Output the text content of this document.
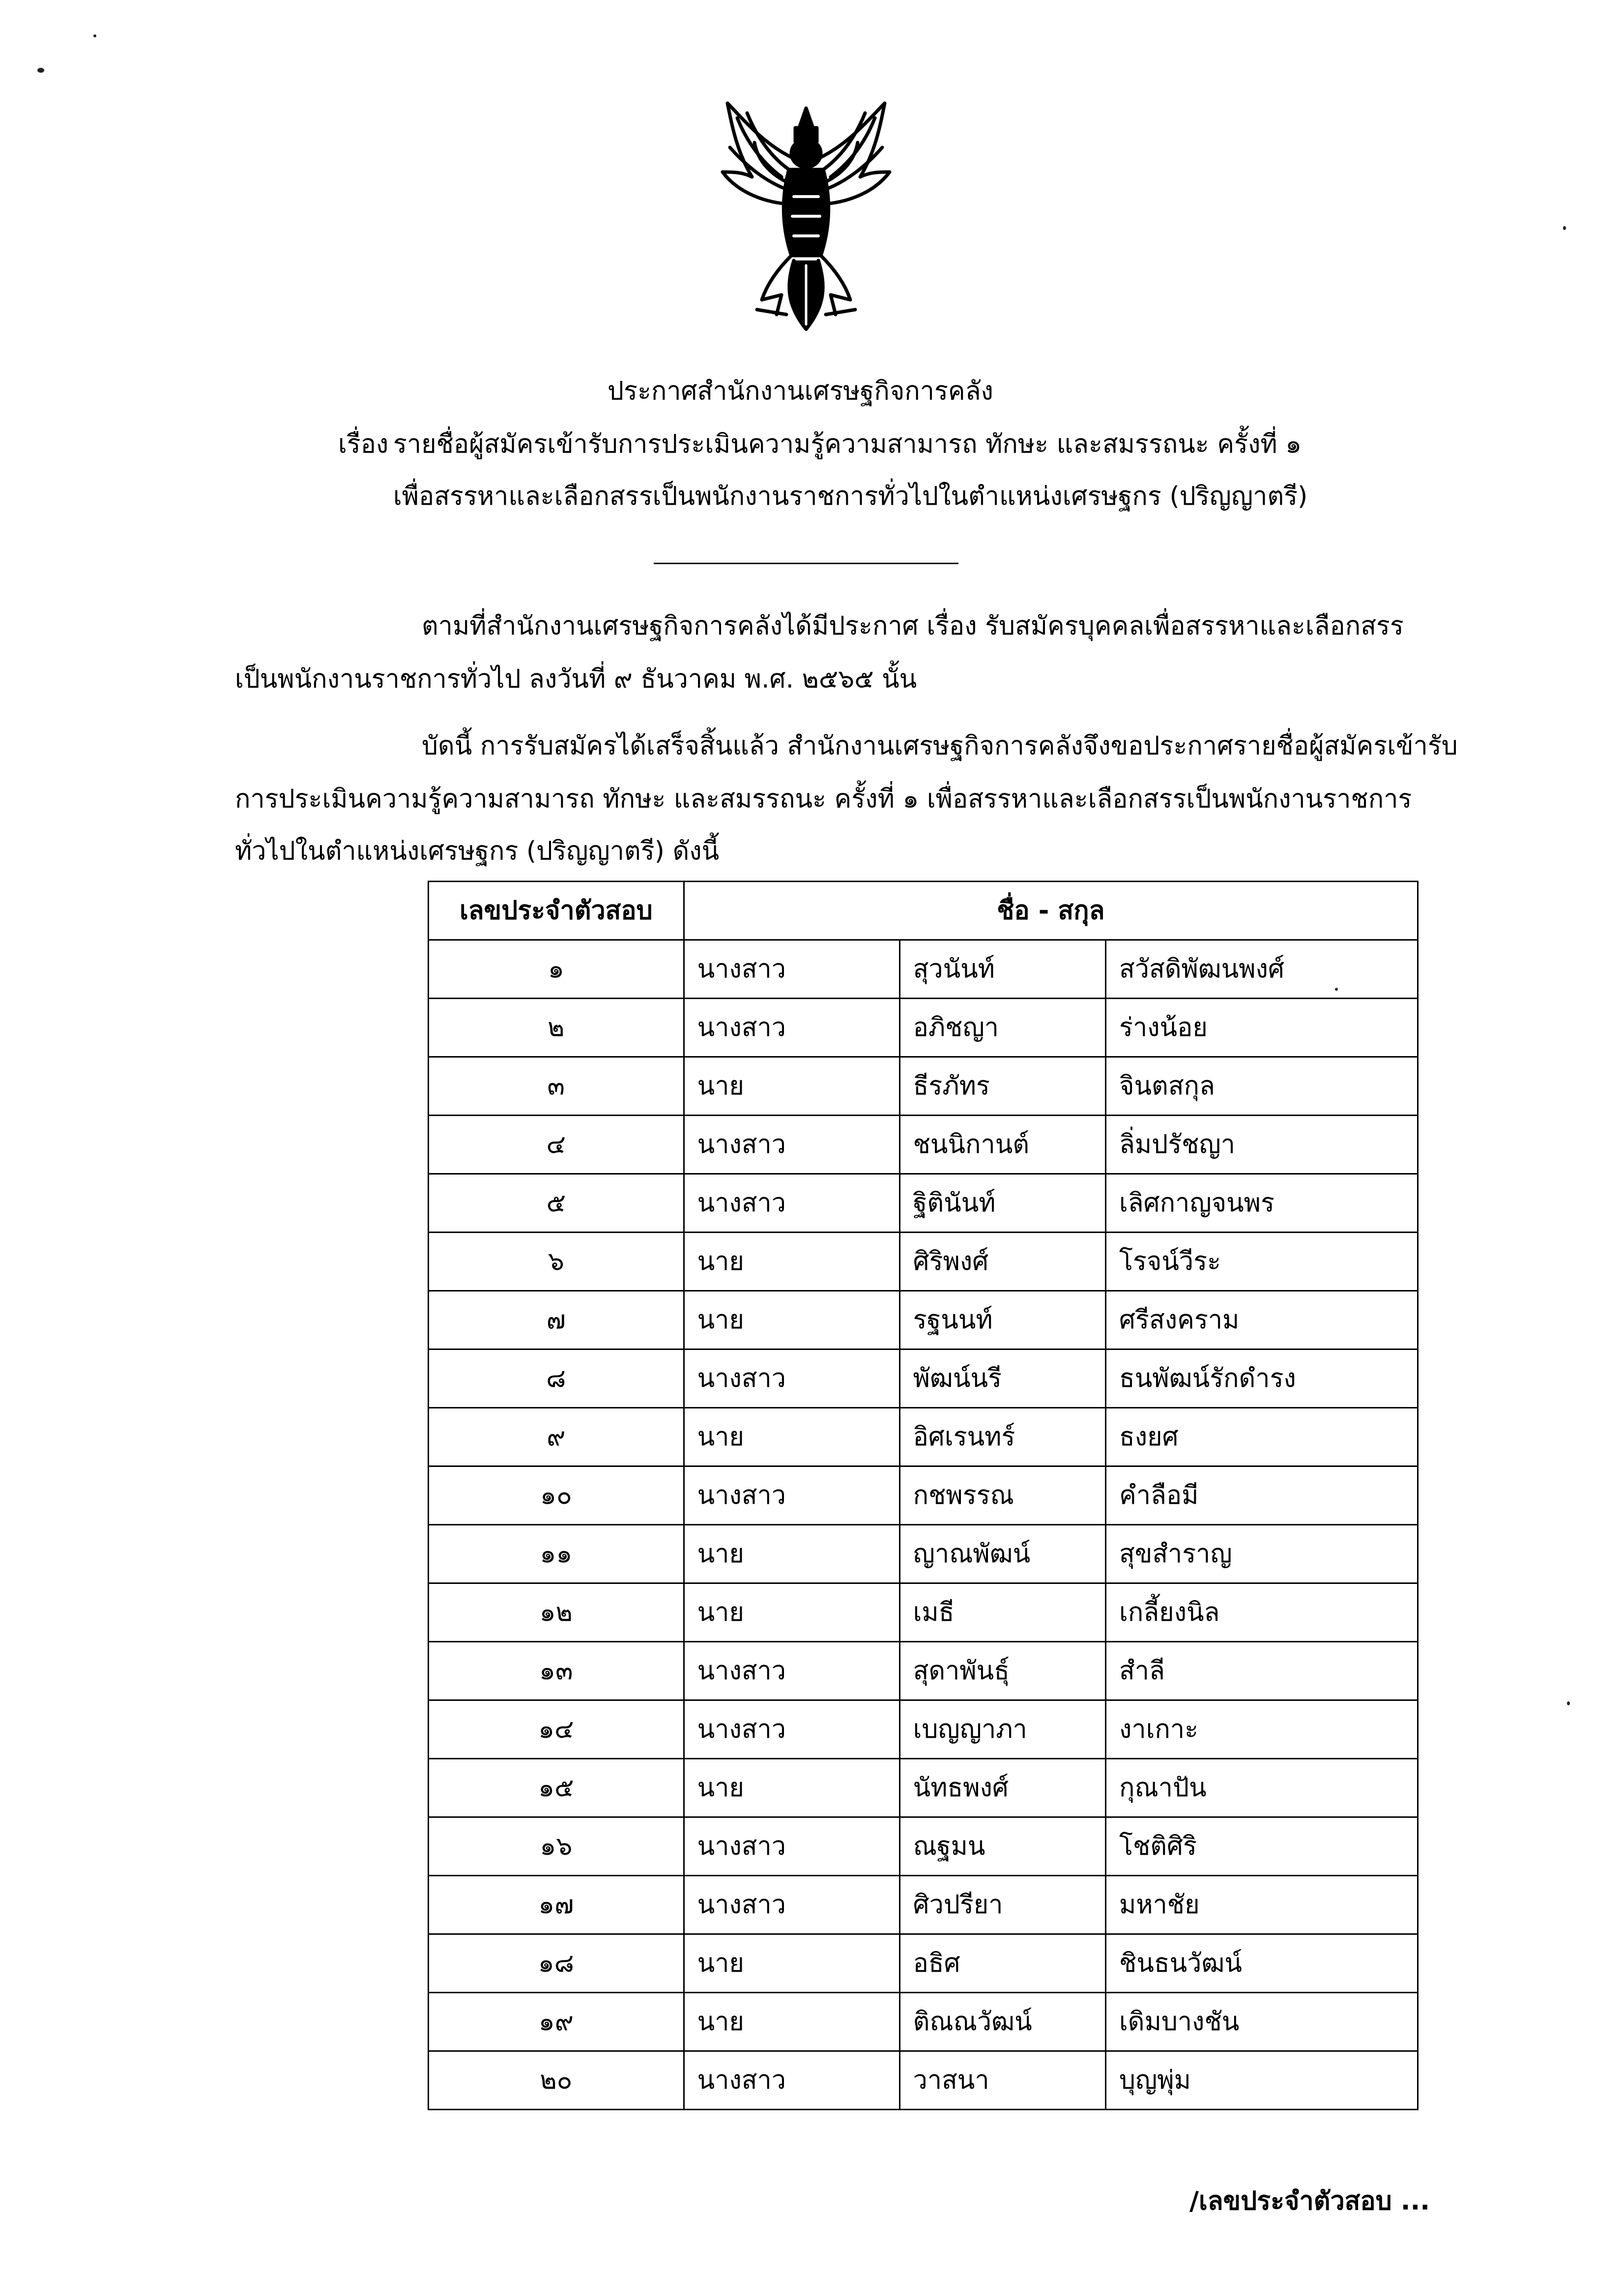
ประกาศสำนักงานเศรษฐกิจการคลัง
เรื่อง รายชื่อผู้สมัครเข้ารับการประเมินความรู้ความสามารถ ทักษะ และสมรรถนะ ครั้งที่ ๑
เพื่อสรรหาและเลือกสรรเป็นพนักงานราชการทั่วไปในตำแหน่งเศรษฐกร (ปริญญาตรี)
ตามที่สำนักงานเศรษฐกิจการคลังได้มีประกาศ เรื่อง รับสมัครบุคคลเพื่อสรรหาและเลือกสรร
เป็นพนักงานราชการทั่วไป ลงวันที่ ๙ ธันวาคม พ.ศ. ๒๕๖๕ นั้น
บัดนี้ การรับสมัครได้เสร็จสิ้นแล้ว สำนักงานเศรษฐกิจการคลังจึงขอประกาศรายชื่อผู้สมัครเข้ารับ
การประเมินความรู้ความสามารถ ทักษะ และสมรรถนะ ครั้งที่ ๑ เพื่อสรรหาและเลือกสรรเป็นพนักงานราชการ
ทั่วไปในตำแหน่งเศรษฐกร (ปริญญาตรี) ดังนี้
เลขประจำตัวสอบ	ชื่อ - สกุล		
๑	นางสาว	สุวนันท์	สวัสดิพัฒนพงศ์
๒	นางสาว	อภิชญา	ร่างน้อย
๓	นาย	ธีรภัทร	จินตสกุล
๔	นางสาว	ชนนิกานต์	ลิ่มปรัชญา
๕	นางสาว	ฐิตินันท์	เลิศกาญจนพร
๖	นาย	ศิริพงศ์	โรจน์วีระ
๗	นาย	รฐนนท์	ศรีสงคราม
๘	นางสาว	พัฒน์นรี	ธนพัฒน์รักดำรง
๙	นาย	อิศเรนทร์	ธงยศ
๑๐	นางสาว	กชพรรณ	คำลือมี
๑๑	นาย	ญาณพัฒน์	สุขสำราญ
๑๒	นาย	เมธี	เกลี้ยงนิล
๑๓	นางสาว	สุดาพันธุ์	สำลี
๑๔	นางสาว	เบญญาภา	งาเกาะ
๑๕	นาย	นัทธพงศ์	กุณาปัน
๑๖	นางสาว	ณฐมน	โชติศิริ
๑๗	นางสาว	ศิวปรียา	มหาชัย
๑๘	นาย	อธิศ	ชินธนวัฒน์
๑๙	นาย	ติณณวัฒน์	เดิมบางชัน
๒๐	นางสาว	วาสนา	บุญพุ่ม
/เลขประจำตัวสอบ ...
